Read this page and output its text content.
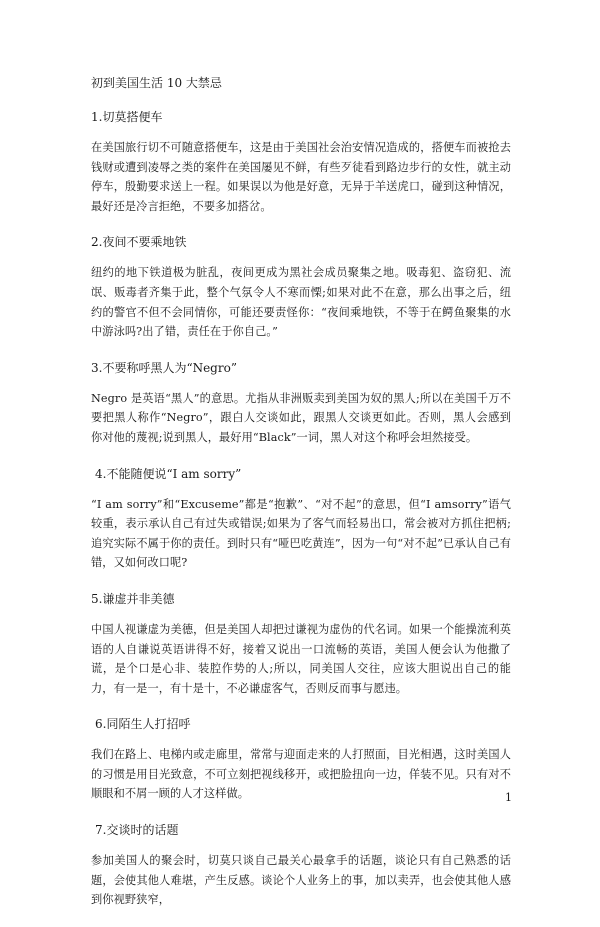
初到美国生活 10 大禁忌
1.切莫搭便车

在美国旅行切不可随意搭便车，这是由于美国社会治安情况造成的，搭便车而被抢去钱财或遭到凌辱之类的案件在美国屡见不鲜，有些歹徒看到路边步行的女性，就主动停车，殷勤要求送上一程。如果误以为他是好意，无异于羊送虎口，碰到这种情况，最好还是冷言拒绝，不要多加搭岔。

2.夜间不要乘地铁

纽约的地下铁道极为脏乱，夜间更成为黑社会成员聚集之地。吸毒犯、盗窃犯、流氓、贩毒者齐集于此，整个气氛令人不寒而慄;如果对此不在意，那么出事之后，纽约的警官不但不会同情你，可能还要责怪你：“夜间乘地铁，不等于在鳄鱼聚集的水中游泳吗?出了错，责任在于你自己。”

3.不要称呼黑人为“Negro”

Negro 是英语“黑人”的意思。尤指从非洲贩卖到美国为奴的黑人;所以在美国千万不要把黑人称作“Negro”，跟白人交谈如此，跟黑人交谈更如此。否则，黑人会感到你对他的蔑视;说到黑人，最好用“Black”一词，黑人对这个称呼会坦然接受。

4.不能随便说“I am sorry”

“I am sorry”和“Excuseme”都是“抱歉”、“对不起”的意思，但“I amsorry”语气较重，表示承认自己有过失或错误;如果为了客气而轻易出口，常会被对方抓住把柄;追究实际不属于你的责任。到时只有“哑巴吃黄连”，因为一句“对不起”已承认自己有错，又如何改口呢?

5.谦虚并非美德

中国人视谦虚为美德，但是美国人却把过谦视为虚伪的代名词。如果一个能操流利英语的人自谦说英语讲得不好，接着又说出一口流畅的英语，美国人便会认为他撒了谎，是个口是心非、装腔作势的人;所以，同美国人交往，应该大胆说出自己的能力，有一是一，有十是十，不必谦虚客气，否则反而事与愿违。

6.同陌生人打招呼

我们在路上、电梯内或走廊里，常常与迎面走来的人打照面，目光相遇，这时美国人的习惯是用目光致意，不可立刻把视线移开，或把脸扭向一边，佯装不见。只有对不顺眼和不屑一顾的人才这样做。

7.交谈时的话题

参加美国人的聚会时，切莫只谈自己最关心最拿手的话题，谈论只有自己熟悉的话题，会使其他人难堪，产生反感。谈论个人业务上的事，加以卖弄，也会使其他人感到你视野狭窄，

1
